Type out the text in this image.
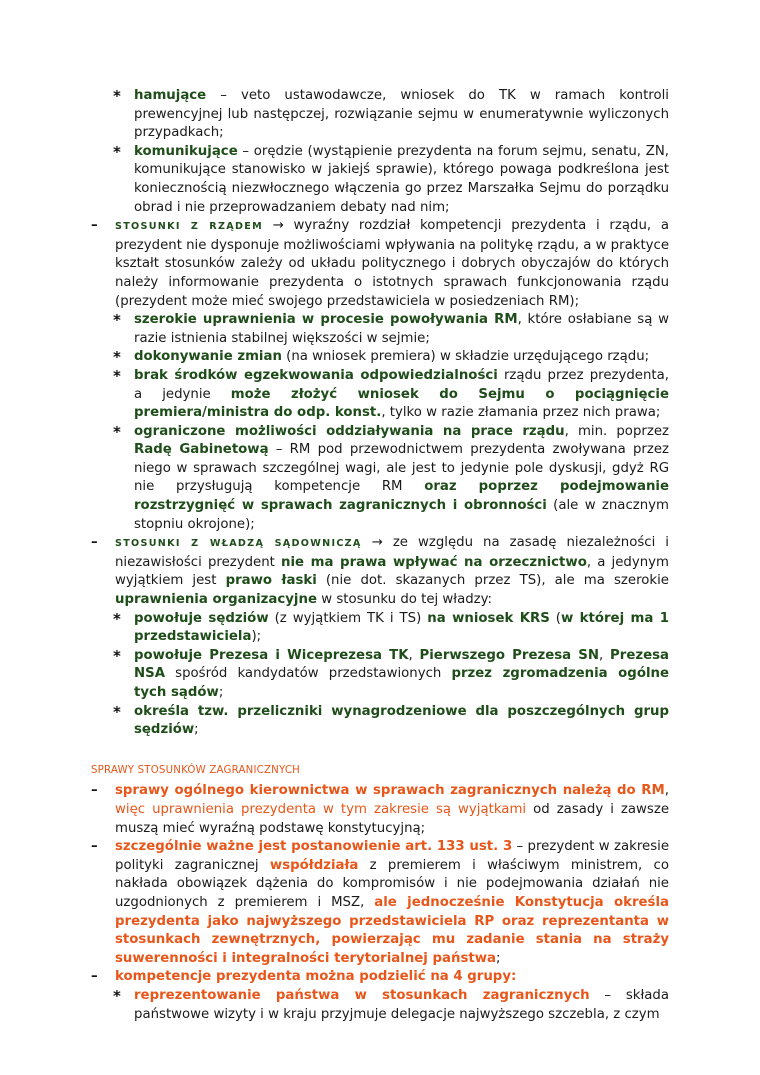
* hamujące – veto ustawodawcze, wniosek do TK w ramach kontroli prewencyjnej lub następczej, rozwiązanie sejmu w enumeratywnie wyliczonych przypadkach;

* komunikujące – orędzie (wystąpienie prezydenta na forum sejmu, senatu, ZN, komunikujące stanowisko w jakiejś sprawie), którego powaga podkreślona jest koniecznością niezwłocznego włączenia go przez Marszałka Sejmu do porządku obrad i nie przeprowadzaniem debaty nad nim;

– STOSUNKI Z RZĄDEM → wyraźny rozdział kompetencji prezydenta i rządu, a prezydent nie dysponuje możliwościami wpływania na politykę rządu, a w praktyce kształt stosunków zależy od układu politycznego i dobrych obyczajów do których należy informowanie prezydenta o istotnych sprawach funkcjonowania rządu (prezydent może mieć swojego przedstawiciela w posiedzeniach RM);

* szerokie uprawnienia w procesie powoływania RM, które osłabiane są w razie istnienia stabilnej większości w sejmie;

* dokonywanie zmian (na wniosek premiera) w składzie urzędującego rządu;

* brak środków egzekwowania odpowiedzialności rządu przez prezydenta, a jedynie może złożyć wniosek do Sejmu o pociągnięcie premiera/ministra do odp. konst., tylko w razie złamania przez nich prawa;

* ograniczone możliwości oddziaływania na prace rządu, min. poprzez Radę Gabinetową – RM pod przewodnictwem prezydenta zwoływana przez niego w sprawach szczególnej wagi, ale jest to jedynie pole dyskusji, gdyż RG nie przysługują kompetencje RM oraz poprzez podejmowanie rozstrzygnięć w sprawach zagranicznych i obronności (ale w znacznym stopniu okrojone);

– STOSUNKI Z WŁADZĄ SĄDOWNICZĄ → ze względu na zasadę niezależności i niezawisłości prezydent nie ma prawa wpływać na orzecznictwo, a jedynym wyjątkiem jest prawo łaski (nie dot. skazanych przez TS), ale ma szerokie uprawnienia organizacyjne w stosunku do tej władzy:

* powołuje sędziów (z wyjątkiem TK i TS) na wniosek KRS (w której ma 1 przedstawiciela);

* powołuje Prezesa i Wiceprezesa TK, Pierwszego Prezesa SN, Prezesa NSA spośród kandydatów przedstawionych przez zgromadzenia ogólne tych sądów;

* określa tzw. przeliczniki wynagrodzeniowe dla poszczególnych grup sędziów;

SPRAWY STOSUNKÓW ZAGRANICZNYCH

– sprawy ogólnego kierownictwa w sprawach zagranicznych należą do RM, więc uprawnienia prezydenta w tym zakresie są wyjątkami od zasady i zawsze muszą mieć wyraźną podstawę konstytucyjną;

– szczególnie ważne jest postanowienie art. 133 ust. 3 – prezydent w zakresie polityki zagranicznej współdziała z premierem i właściwym ministrem, co nakłada obowiązek dążenia do kompromisów i nie podejmowania działań nie uzgodnionych z premierem i MSZ, ale jednocześnie Konstytucja określa prezydenta jako najwyższego przedstawiciela RP oraz reprezentanta w stosunkach zewnętrznych, powierzając mu zadanie stania na straży suwerenności i integralności terytorialnej państwa;

– kompetencje prezydenta można podzielić na 4 grupy:

* reprezentowanie państwa w stosunkach zagranicznych – składa państwowe wizyty i w kraju przyjmuje delegacje najwyższego szczebla, z czym
